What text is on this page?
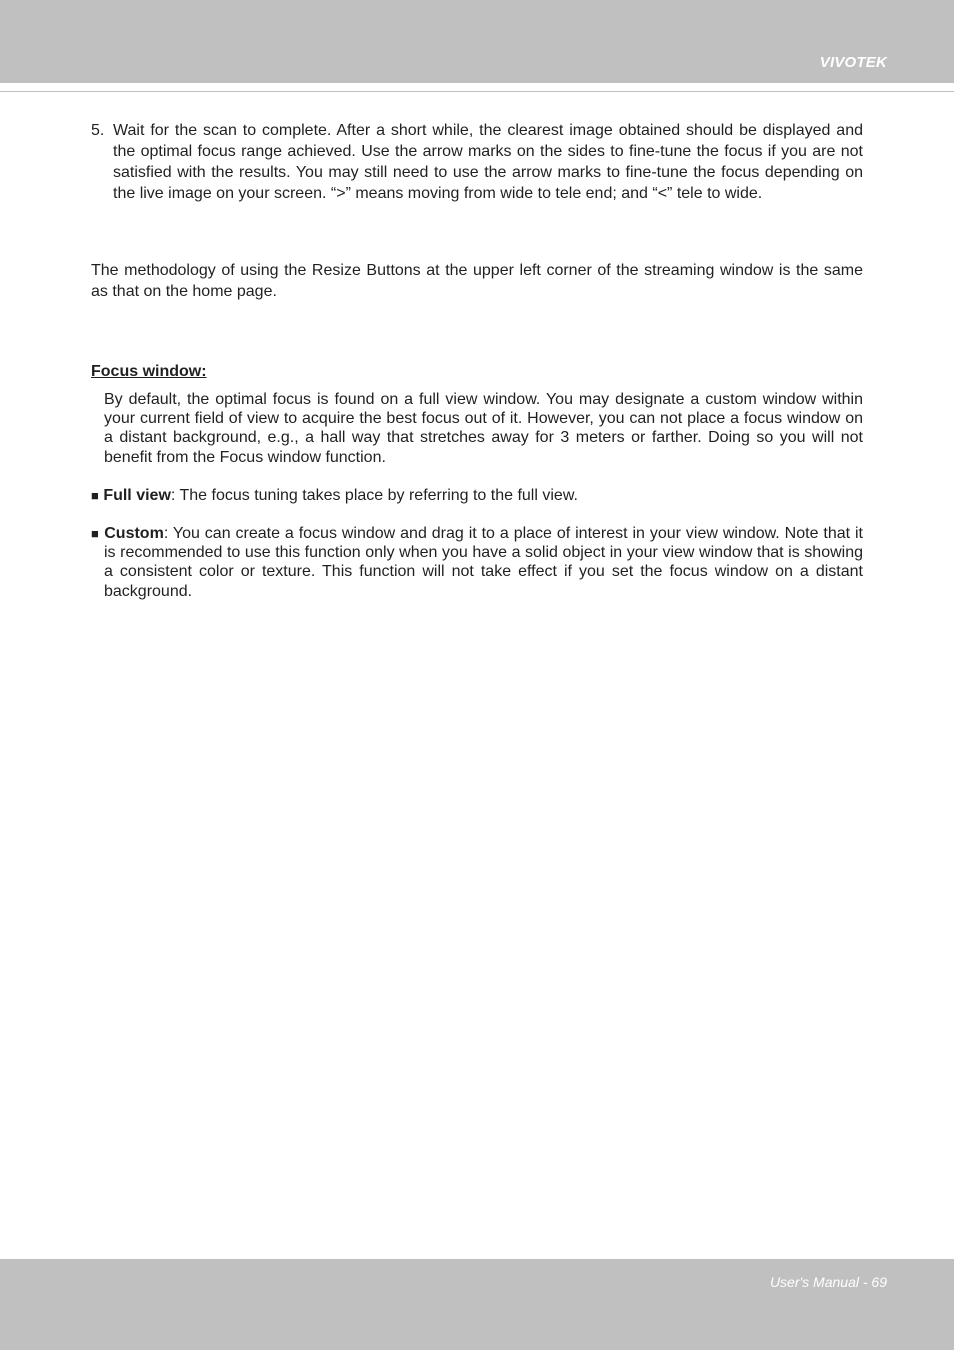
VIVOTEK
5. Wait for the scan to complete. After a short while, the clearest image obtained should be displayed and the optimal focus range achieved. Use the arrow marks on the sides to fine-tune the focus if you are not satisfied with the results. You may still need to use the arrow marks to fine-tune the focus depending on the live image on your screen. “>” means moving from wide to tele end; and “<” tele to wide.

The methodology of using the Resize Buttons at the upper left corner of the streaming window is the same as that on the home page.

Focus window:

By default, the optimal focus is found on a full view window. You may designate a custom window within your current field of view to acquire the best focus out of it. However, you can not place a focus window on a distant background, e.g., a hall way that stretches away for 3 meters or farther. Doing so you will not benefit from the Focus window function.

■ Full view: The focus tuning takes place by referring to the full view.

■ Custom: You can create a focus window and drag it to a place of interest in your view window. Note that it is recommended to use this function only when you have a solid object in your view window that is showing a consistent color or texture. This function will not take effect if you set the focus window on a distant background.

User's Manual - 69
